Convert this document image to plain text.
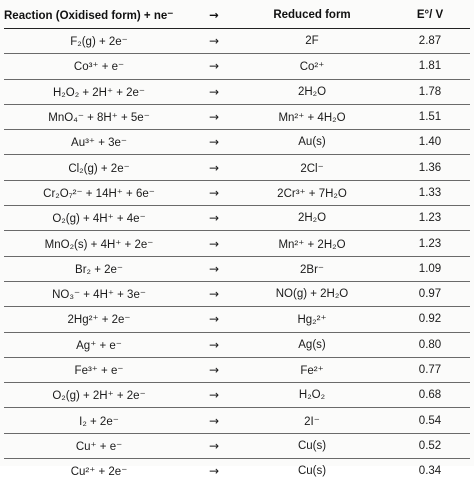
Reaction (Oxidised form) + ne⁻	→	Reduced form	E°/ V
F₂(g) + 2e⁻	→	2F	2.87
Co³⁺ + e⁻	→	Co²⁺	1.81
H₂O₂ + 2H⁺ + 2e⁻	→	2H₂O	1.78
MnO₄⁻ + 8H⁺ + 5e⁻	→	Mn²⁺ + 4H₂O	1.51
Au³⁺ + 3e⁻	→	Au(s)	1.40
Cl₂(g) + 2e⁻	→	2Cl⁻	1.36
Cr₂O₇²⁻ + 14H⁺ + 6e⁻	→	2Cr³⁺ + 7H₂O	1.33
O₂(g) + 4H⁺ + 4e⁻	→	2H₂O	1.23
MnO₂(s) + 4H⁺ + 2e⁻	→	Mn²⁺ + 2H₂O	1.23
Br₂ + 2e⁻	→	2Br⁻	1.09
NO₃⁻ + 4H⁺ + 3e⁻	→	NO(g) + 2H₂O	0.97
2Hg²⁺ + 2e⁻	→	Hg₂²⁺	0.92
Ag⁺ + e⁻	→	Ag(s)	0.80
Fe³⁺ + e⁻	→	Fe²⁺	0.77
O₂(g) + 2H⁺ + 2e⁻	→	H₂O₂	0.68
I₂ + 2e⁻	→	2I⁻	0.54
Cu⁺ + e⁻	→	Cu(s)	0.52
Cu²⁺ + 2e⁻	→	Cu(s)	0.34
